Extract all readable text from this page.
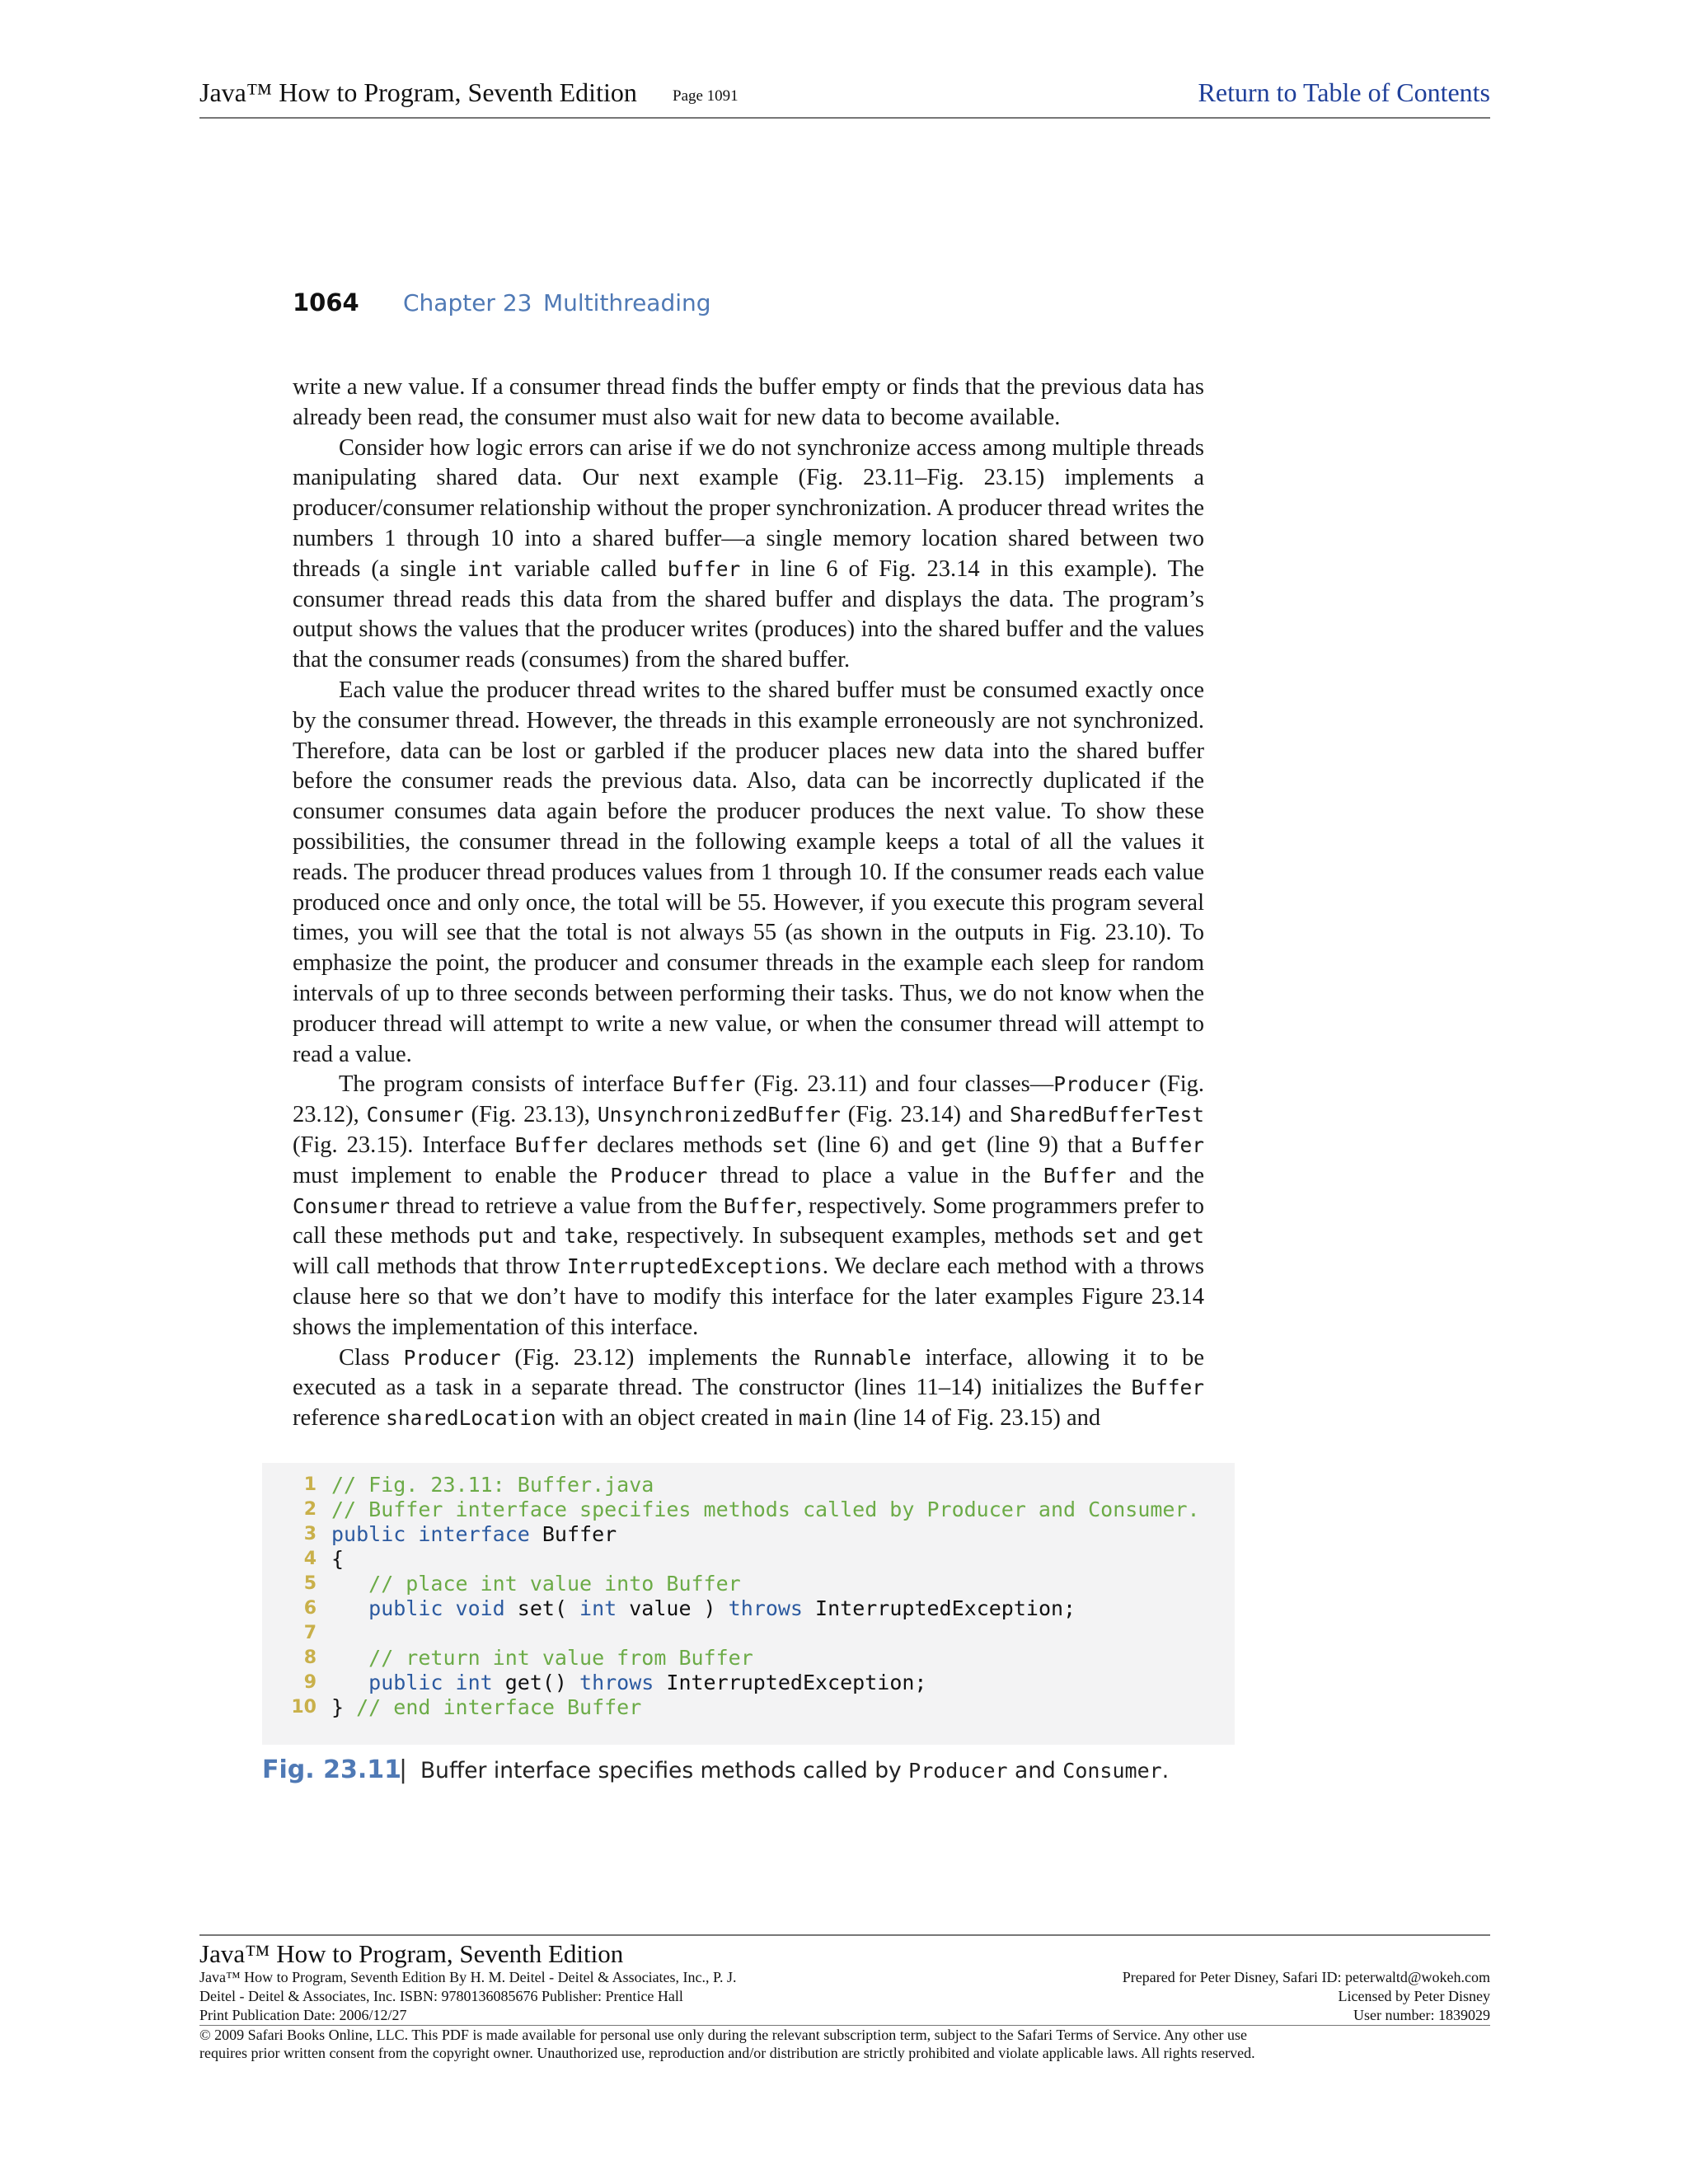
Java™ How to Program, Seventh Edition Page 1091	Return to Table of Contents
1064 Chapter 23 Multithreading

write a new value. If a consumer thread finds the buffer empty or finds that the previous data has already been read, the consumer must also wait for new data to become available.

Consider how logic errors can arise if we do not synchronize access among multiple threads manipulating shared data. Our next example (Fig. 23.11–Fig. 23.15) implements a producer/consumer relationship without the proper synchronization. A producer thread writes the numbers 1 through 10 into a shared buffer—a single memory location shared between two threads (a single int variable called buffer in line 6 of Fig. 23.14 in this example). The consumer thread reads this data from the shared buffer and displays the data. The program’s output shows the values that the producer writes (produces) into the shared buffer and the values that the consumer reads (consumes) from the shared buffer.

Each value the producer thread writes to the shared buffer must be consumed exactly once by the consumer thread. However, the threads in this example erroneously are not synchronized. Therefore, data can be lost or garbled if the producer places new data into the shared buffer before the consumer reads the previous data. Also, data can be incorrectly duplicated if the consumer consumes data again before the producer produces the next value. To show these possibilities, the consumer thread in the following example keeps a total of all the values it reads. The producer thread produces values from 1 through 10. If the consumer reads each value produced once and only once, the total will be 55. However, if you execute this program several times, you will see that the total is not always 55 (as shown in the outputs in Fig. 23.10). To emphasize the point, the producer and consumer threads in the example each sleep for random intervals of up to three seconds between performing their tasks. Thus, we do not know when the producer thread will attempt to write a new value, or when the consumer thread will attempt to read a value.

The program consists of interface Buffer (Fig. 23.11) and four classes—Producer (Fig. 23.12), Consumer (Fig. 23.13), UnsynchronizedBuffer (Fig. 23.14) and SharedBufferTest (Fig. 23.15). Interface Buffer declares methods set (line 6) and get (line 9) that a Buffer must implement to enable the Producer thread to place a value in the Buffer and the Consumer thread to retrieve a value from the Buffer, respectively. Some programmers prefer to call these methods put and take, respectively. In subsequent examples, methods set and get will call methods that throw InterruptedExceptions. We declare each method with a throws clause here so that we don’t have to modify this interface for the later examples Figure 23.14 shows the implementation of this interface.

Class Producer (Fig. 23.12) implements the Runnable interface, allowing it to be executed as a task in a separate thread. The constructor (lines 11–14) initializes the Buffer reference sharedLocation with an object created in main (line 14 of Fig. 23.15) and

1 // Fig. 23.11: Buffer.java
2 // Buffer interface specifies methods called by Producer and Consumer.
3 public interface Buffer
4 {
5	// place int value into Buffer
6	public void set( int value ) throws InterruptedException;
7
8	// return int value from Buffer
9	public int get() throws InterruptedException;
10 } // end interface Buffer
Fig. 23.11
| Buffer interface specifies methods called by Producer and Consumer.
Java™ How to Program, Seventh Edition
Java™ How to Program, Seventh Edition By H. M. Deitel - Deitel & Associates, Inc., P. J.
Deitel - Deitel & Associates, Inc. ISBN: 9780136085676 Publisher: Prentice Hall
Print Publication Date: 2006/12/27
Prepared for Peter Disney, Safari ID: peterwaltd@wokeh.com
Licensed by Peter Disney
User number: 1839029
© 2009 Safari Books Online, LLC. This PDF is made available for personal use only during the relevant subscription term, subject to the Safari Terms of Service. Any other use
requires prior written consent from the copyright owner. Unauthorized use, reproduction and/or distribution are strictly prohibited and violate applicable laws. All rights reserved.
